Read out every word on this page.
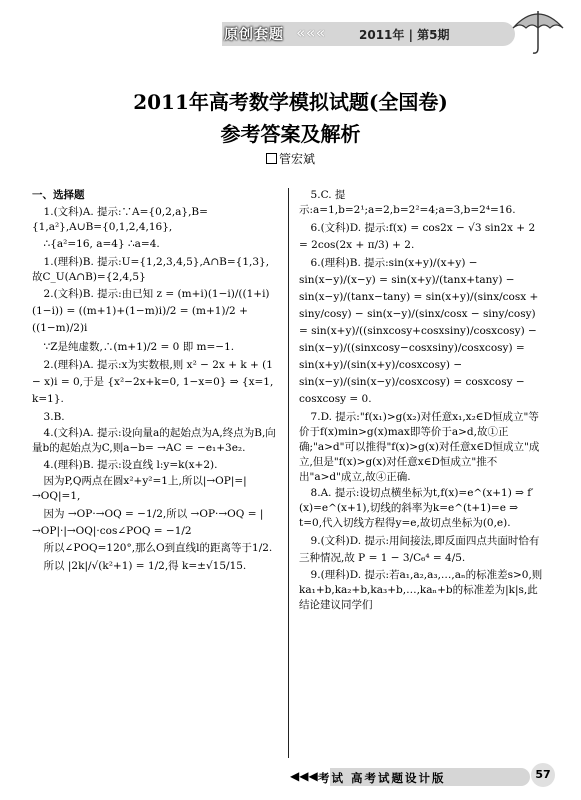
原创套题 «««	2011年 | 第5期
2011年高考数学模拟试题(全国卷)
参考答案及解析
管宏斌

一、选择题

1.(文科)A. 提示:∵A={0,2,a},B={1,a²},A∪B={0,1,2,4,16},

∴{a²=16, a=4} ∴a=4.

1.(理科)B. 提示:U={1,2,3,4,5},A∩B={1,3},故C_U(A∩B)={2,4,5}

2.(文科)B. 提示:由已知 z = (m+i)(1−i)/((1+i)(1−i)) = ((m+1)+(1−m)i)/2 = (m+1)/2 + ((1−m)/2)i

∵Z是纯虚数,∴(m+1)/2 = 0 即 m=−1.

2.(理科)A. 提示:x为实数根,则 x² − 2x + k + (1 − x)i = 0,于是 {x²−2x+k=0, 1−x=0} ⇒ {x=1, k=1}.

3.B.

4.(文科)A. 提示:设向量a的起始点为A,终点为B,向量b的起始点为C,则a−b= →AC = −e₁+3e₂.

4.(理科)B. 提示:设直线 l:y=k(x+2).

因为P,Q两点在圆x²+y²=1上,所以|→OP|=|→OQ|=1,

因为 →OP·→OQ = −1/2,所以 →OP·→OQ = |→OP|·|→OQ|·cos∠POQ = −1/2

所以∠POQ=120°,那么O到直线l的距离等于1/2.

所以 |2k|/√(k²+1) = 1/2,得 k=±√15/15.

5.C. 提示:a=1,b=2¹;a=2,b=2²=4;a=3,b=2⁴=16.

6.(文科)D. 提示:f(x) = cos2x − √3 sin2x + 2 = 2cos(2x + π/3) + 2.

6.(理科)B. 提示:sin(x+y)/(x+y) − sin(x−y)/(x−y) = sin(x+y)/(tanx+tany) − sin(x−y)/(tanx−tany) = sin(x+y)/(sinx/cosx + siny/cosy) − sin(x−y)/(sinx/cosx − siny/cosy) = sin(x+y)/((sinxcosy+cosxsiny)/cosxcosy) − sin(x−y)/((sinxcosy−cosxsiny)/cosxcosy) = sin(x+y)/(sin(x+y)/cosxcosy) − sin(x−y)/(sin(x−y)/cosxcosy) = cosxcosy − cosxcosy = 0.

7.D. 提示:"f(x₁)>g(x₂)对任意x₁,x₂∈D恒成立"等价于f(x)min>g(x)max即等价于a>d,故①正确;"a>d"可以推得"f(x)>g(x)对任意x∈D恒成立"成立,但是"f(x)>g(x)对任意x∈D恒成立"推不出"a>d"成立,故④正确.

8.A. 提示:设切点横坐标为t,f(x)=e^(x+1) ⇒ f′(x)=e^(x+1),切线的斜率为k=e^(t+1)=e ⇒ t=0,代入切线方程得y=e,故切点坐标为(0,e).

9.(文科)D. 提示:用间接法,即反面四点共面时恰有三种情况,故 P = 1 − 3/C₆⁴ = 4/5.

9.(理科)D. 提示:若a₁,a₂,a₃,…,aₙ的标准差s>0,则ka₁+b,ka₂+b,ka₃+b,…,kaₙ+b的标准差为|k|s,此结论建议同学们

◀◀◀ 考试 高考试题设计版	57
